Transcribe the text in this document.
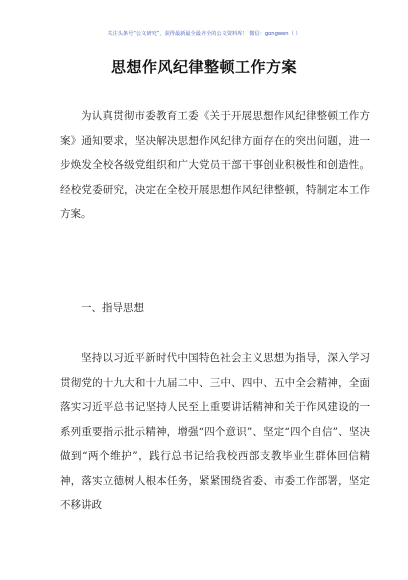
关注头条号“公文研究”，获得最新最全最齐全的公文资料库！ 微信：gongwen（ ）
思想作风纪律整顿工作方案

为认真贯彻市委教育工委《关于开展思想作风纪律整顿工作方案》通知要求，坚决解决思想作风纪律方面存在的突出问题，进一步焕发全校各级党组织和广大党员干部干事创业积极性和创造性。经校党委研究，决定在全校开展思想作风纪律整顿，特制定本工作方案。

一、指导思想

坚持以习近平新时代中国特色社会主义思想为指导，深入学习贯彻党的十九大和十九届二中、三中、四中、五中全会精神，全面落实习近平总书记坚持人民至上重要讲话精神和关于作风建设的一系列重要指示批示精神，增强“四个意识”、坚定“四个自信”、坚决做到“两个维护”，践行总书记给我校西部支教毕业生群体回信精神，落实立德树人根本任务，紧紧围绕省委、市委工作部署，坚定不移讲政
